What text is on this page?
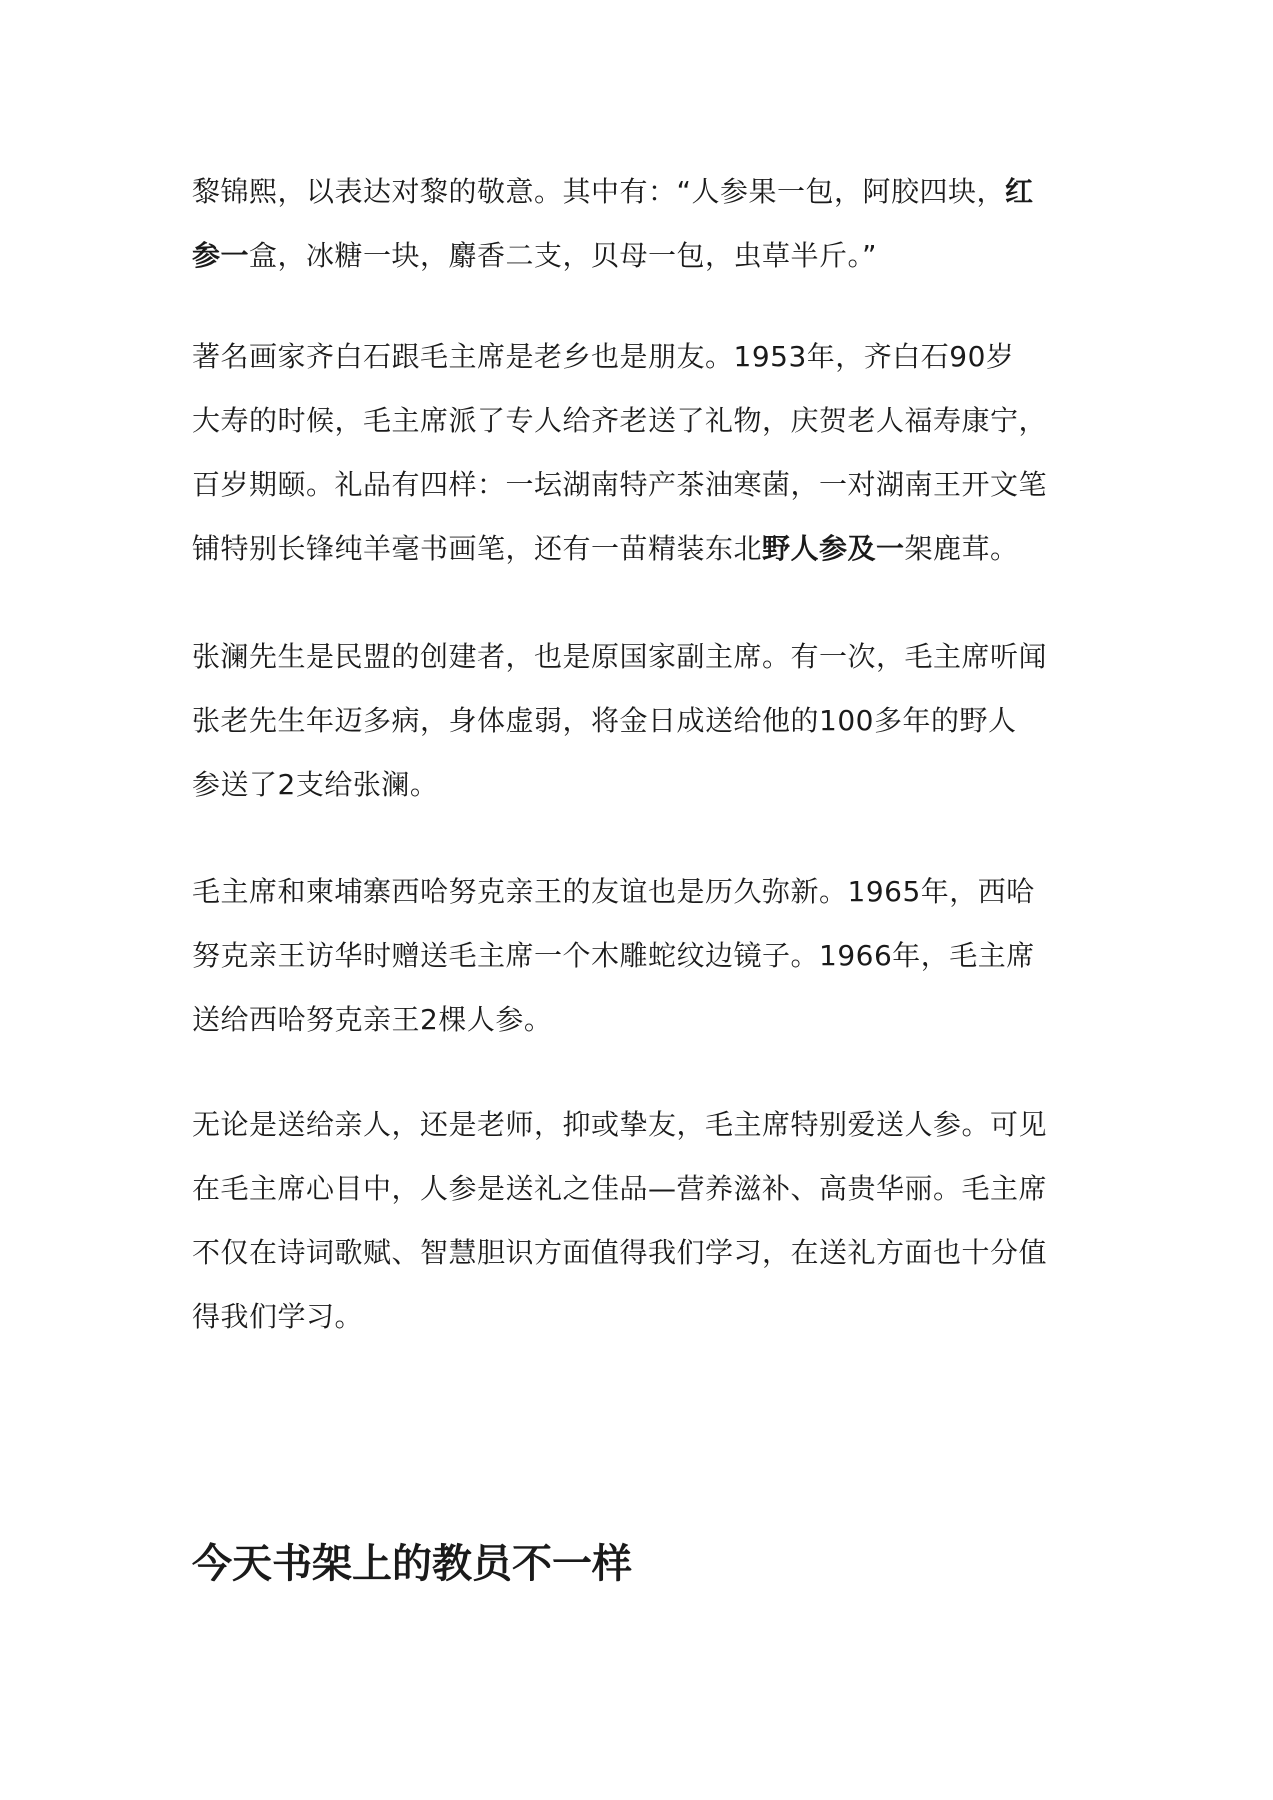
黎锦熙，以表达对黎的敬意。其中有：“人参果一包，阿胶四块，红
参一盒，冰糖一块，麝香二支，贝母一包，虫草半斤。”

著名画家齐白石跟毛主席是老乡也是朋友。1953年，齐白石90岁
大寿的时候，毛主席派了专人给齐老送了礼物，庆贺老人福寿康宁，
百岁期颐。礼品有四样：一坛湖南特产茶油寒菌，一对湖南王开文笔
铺特别长锋纯羊毫书画笔，还有一苗精装东北野人参及一架鹿茸。

张澜先生是民盟的创建者，也是原国家副主席。有一次，毛主席听闻
张老先生年迈多病，身体虚弱，将金日成送给他的100多年的野人
参送了2支给张澜。

毛主席和柬埔寨西哈努克亲王的友谊也是历久弥新。1965年，西哈
努克亲王访华时赠送毛主席一个木雕蛇纹边镜子。1966年，毛主席
送给西哈努克亲王2棵人参。

无论是送给亲人，还是老师，抑或挚友，毛主席特别爱送人参。可见
在毛主席心目中，人参是送礼之佳品—营养滋补、高贵华丽。毛主席
不仅在诗词歌赋、智慧胆识方面值得我们学习，在送礼方面也十分值
得我们学习。

今天书架上的教员不一样
